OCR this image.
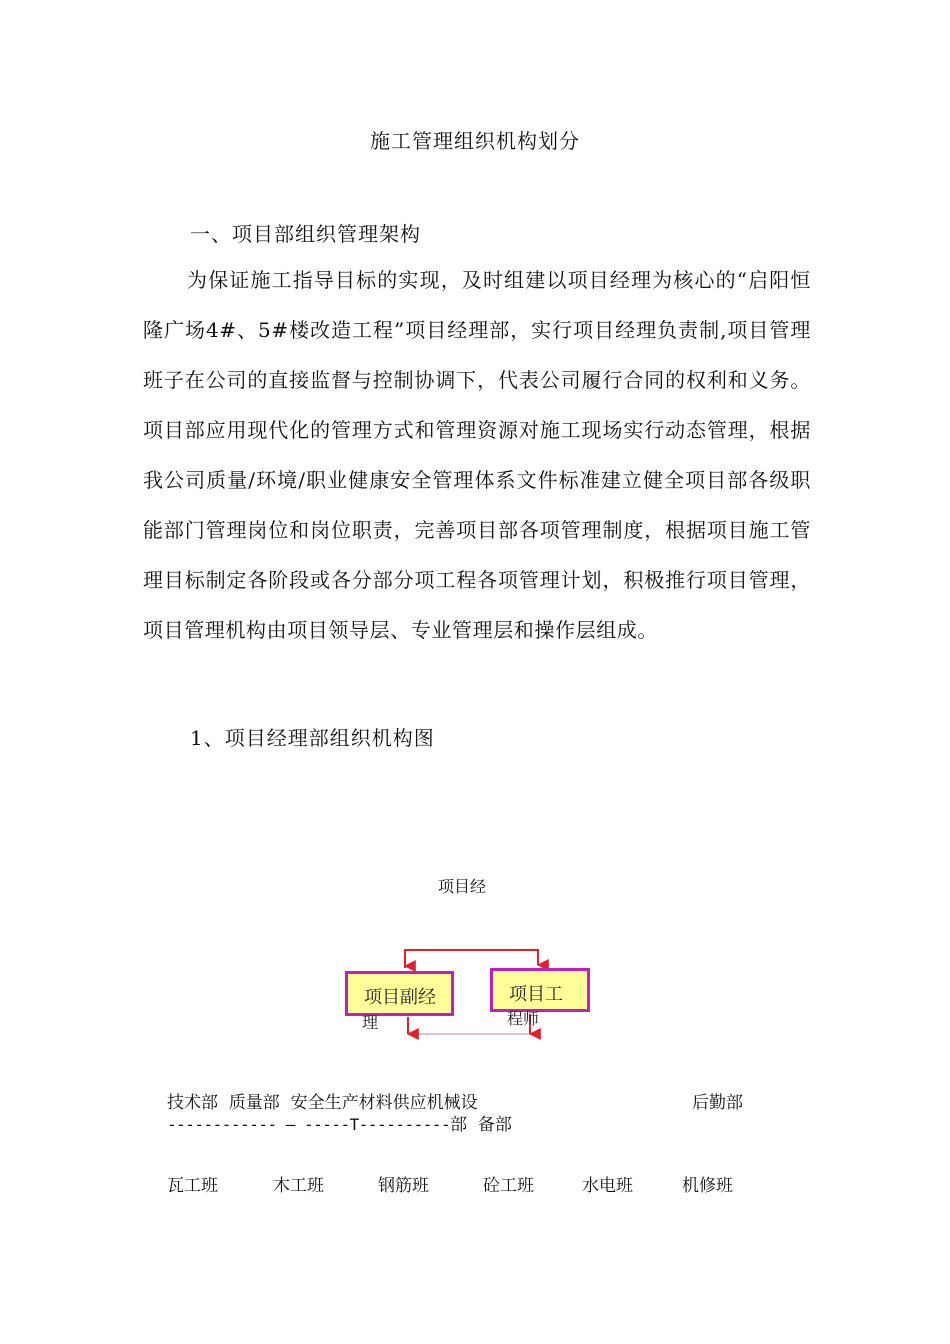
施工管理组织机构划分
一、项目部组织管理架构
为保证施工指导目标的实现，及时组建以项目经理为核心的“启阳恒隆广场4#、5#楼改造工程”项目经理部，实行项目经理负责制,项目管理班子在公司的直接监督与控制协调下，代表公司履行合同的权利和义务。项目部应用现代化的管理方式和管理资源对施工现场实行动态管理，根据我公司质量/环境/职业健康安全管理体系文件标准建立健全项目部各级职能部门管理岗位和岗位职责，完善项目部各项管理制度，根据项目施工管理目标制定各阶段或各分部分项工程各项管理计划，积极推行项目管理，项目管理机构由项目领导层、专业管理层和操作层组成。
1、项目经理部组织机构图
项目经
项目副经
理
项目工
程师
技术部  质量部  安全生产材料供应机械设	后勤部
------------ – -----T----------部  备部
瓦工班	木工班	钢筋班	砼工班	水电班	机修班
